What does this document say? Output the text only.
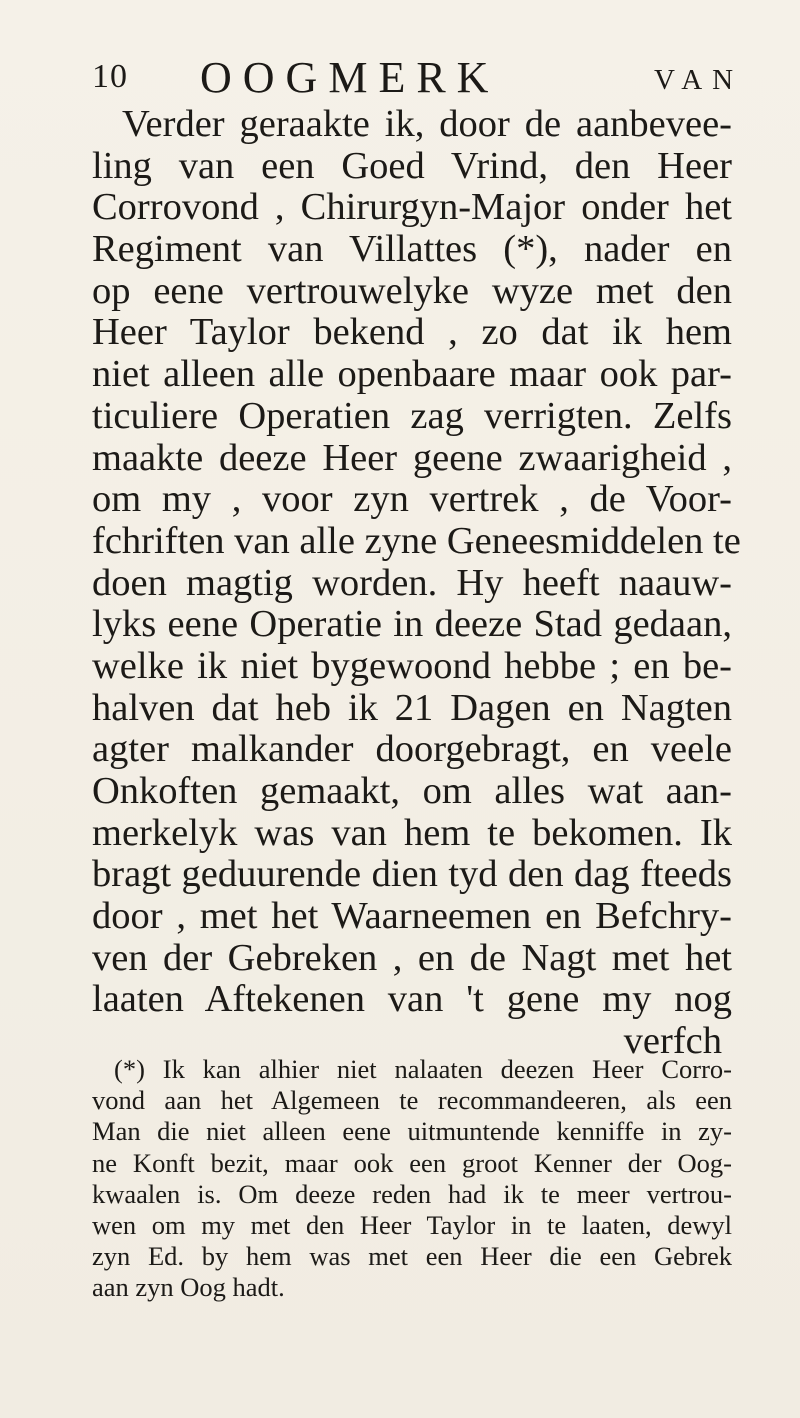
10 OOGMERK	VAN
Verder geraakte ik, door de aanbevee-
ling van een Goed Vrind, den Heer
Corrovond , Chirurgyn-Major onder het
Regiment van Villattes (*), nader en
op eene vertrouwelyke wyze met den
Heer Taylor bekend , zo dat ik hem
niet alleen alle openbaare maar ook par-
ticuliere Operatien zag verrigten. Zelfs
maakte deeze Heer geene zwaarigheid ,
om my , voor zyn vertrek , de Voor-
fchriften van alle zyne Geneesmiddelen te
doen magtig worden. Hy heeft naauw-
lyks eene Operatie in deeze Stad gedaan,
welke ik niet bygewoond hebbe ; en be-
halven dat heb ik 21 Dagen en Nagten
agter malkander doorgebragt, en veele
Onkoften gemaakt, om alles wat aan-
merkelyk was van hem te bekomen. Ik
bragt geduurende dien tyd den dag fteeds
door , met het Waarneemen en Befchry-
ven der Gebreken , en de Nagt met het
laaten Aftekenen van 't gene my nog
verfch
(*) Ik kan alhier niet nalaaten deezen Heer Corro-
vond aan het Algemeen te recommandeeren, als een
Man die niet alleen eene uitmuntende kenniffe in zy-
ne Konft bezit, maar ook een groot Kenner der Oog-
kwaalen is. Om deeze reden had ik te meer vertrou-
wen om my met den Heer Taylor in te laaten, dewyl
zyn Ed. by hem was met een Heer die een Gebrek
aan zyn Oog hadt.
